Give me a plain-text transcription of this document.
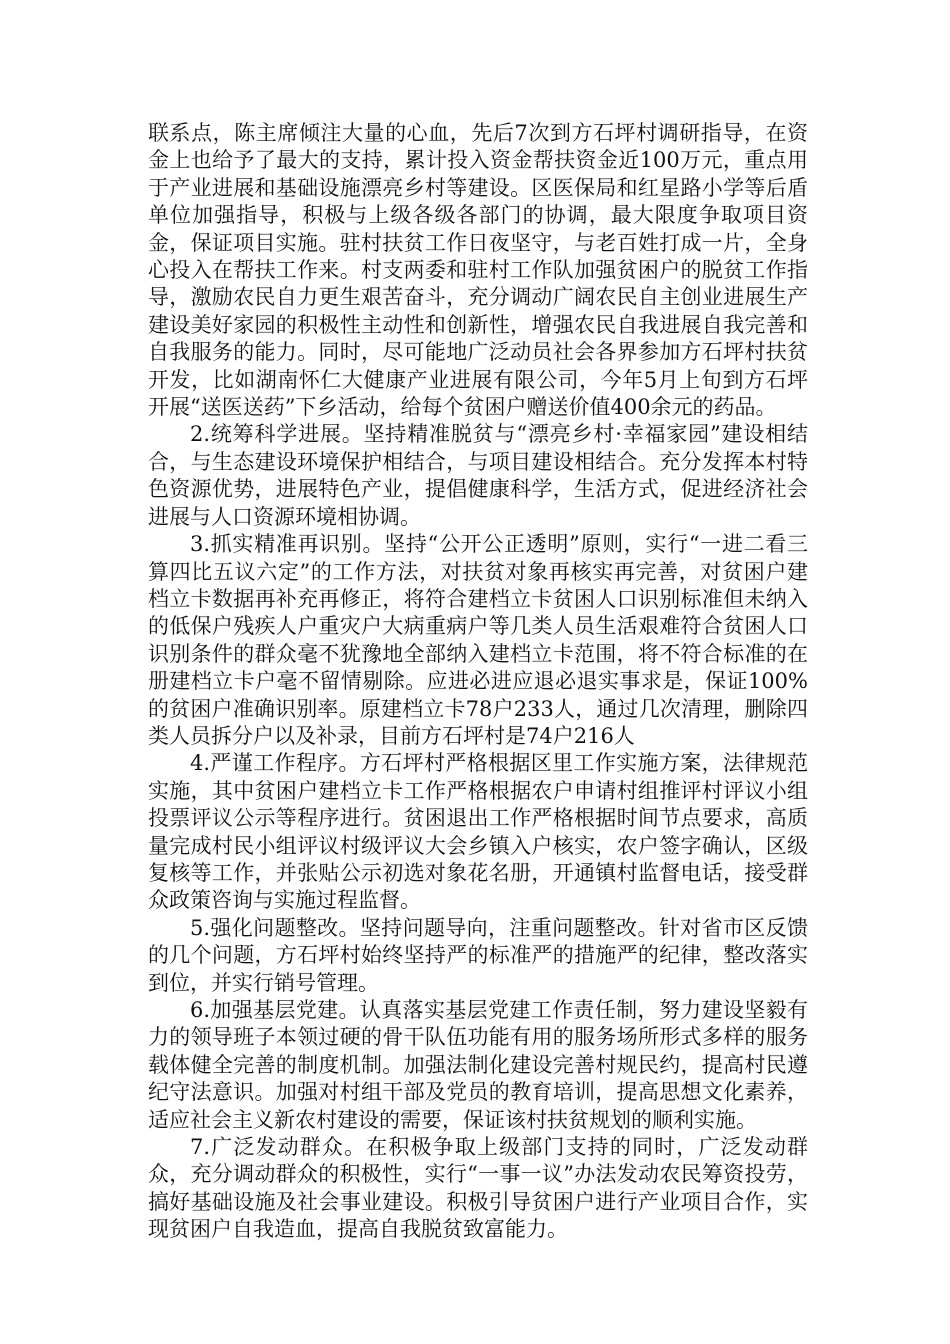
联系点，陈主席倾注大量的心血，先后7次到方石坪村调研指导，在资金上也给予了最大的支持，累计投入资金帮扶资金近100万元，重点用于产业进展和基础设施漂亮乡村等建设。区医保局和红星路小学等后盾单位加强指导，积极与上级各级各部门的协调，最大限度争取项目资金，保证项目实施。驻村扶贫工作日夜坚守，与老百姓打成一片，全身心投入在帮扶工作来。村支两委和驻村工作队加强贫困户的脱贫工作指导，激励农民自力更生艰苦奋斗，充分调动广阔农民自主创业进展生产建设美好家园的积极性主动性和创新性，增强农民自我进展自我完善和自我服务的能力。同时，尽可能地广泛动员社会各界参加方石坪村扶贫开发，比如湖南怀仁大健康产业进展有限公司，今年5月上旬到方石坪开展“送医送药”下乡活动，给每个贫困户赠送价值400余元的药品。

2.统筹科学进展。坚持精准脱贫与“漂亮乡村·幸福家园”建设相结合，与生态建设环境保护相结合，与项目建设相结合。充分发挥本村特色资源优势，进展特色产业，提倡健康科学，生活方式，促进经济社会进展与人口资源环境相协调。

3.抓实精准再识别。坚持“公开公正透明”原则，实行“一进二看三算四比五议六定”的工作方法，对扶贫对象再核实再完善，对贫困户建档立卡数据再补充再修正，将符合建档立卡贫困人口识别标准但未纳入的低保户残疾人户重灾户大病重病户等几类人员生活艰难符合贫困人口识别条件的群众毫不犹豫地全部纳入建档立卡范围，将不符合标准的在册建档立卡户毫不留情剔除。应进必进应退必退实事求是，保证100%的贫困户准确识别率。原建档立卡78户233人，通过几次清理，删除四类人员拆分户以及补录，目前方石坪村是74户216人

4.严谨工作程序。方石坪村严格根据区里工作实施方案，法律规范实施，其中贫困户建档立卡工作严格根据农户申请村组推评村评议小组投票评议公示等程序进行。贫困退出工作严格根据时间节点要求，高质量完成村民小组评议村级评议大会乡镇入户核实，农户签字确认，区级复核等工作，并张贴公示初选对象花名册，开通镇村监督电话，接受群众政策咨询与实施过程监督。

5.强化问题整改。坚持问题导向，注重问题整改。针对省市区反馈的几个问题，方石坪村始终坚持严的标准严的措施严的纪律，整改落实到位，并实行销号管理。

6.加强基层党建。认真落实基层党建工作责任制，努力建设坚毅有力的领导班子本领过硬的骨干队伍功能有用的服务场所形式多样的服务载体健全完善的制度机制。加强法制化建设完善村规民约，提高村民遵纪守法意识。加强对村组干部及党员的教育培训，提高思想文化素养，适应社会主义新农村建设的需要，保证该村扶贫规划的顺利实施。

7.广泛发动群众。在积极争取上级部门支持的同时，广泛发动群众，充分调动群众的积极性，实行“一事一议”办法发动农民筹资投劳，搞好基础设施及社会事业建设。积极引导贫困户进行产业项目合作，实现贫困户自我造血，提高自我脱贫致富能力。
